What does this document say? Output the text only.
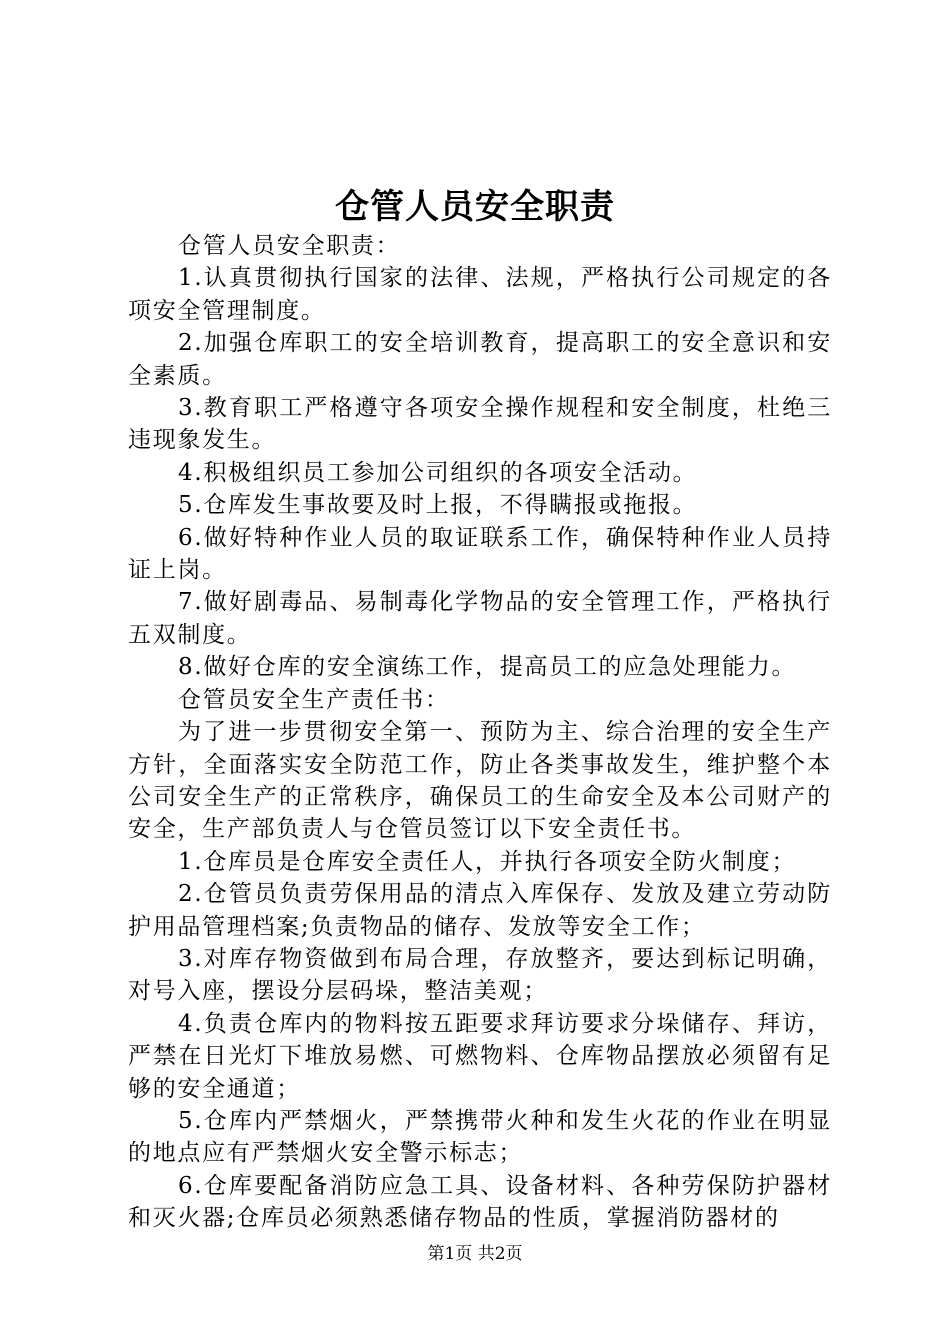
仓管人员安全职责

仓管人员安全职责：

1.认真贯彻执行国家的法律、法规，严格执行公司规定的各项安全管理制度。

2.加强仓库职工的安全培训教育，提高职工的安全意识和安全素质。

3.教育职工严格遵守各项安全操作规程和安全制度，杜绝三违现象发生。

4.积极组织员工参加公司组织的各项安全活动。

5.仓库发生事故要及时上报，不得瞒报或拖报。

6.做好特种作业人员的取证联系工作，确保特种作业人员持证上岗。

7.做好剧毒品、易制毒化学物品的安全管理工作，严格执行五双制度。

8.做好仓库的安全演练工作，提高员工的应急处理能力。

仓管员安全生产责任书：

为了进一步贯彻安全第一、预防为主、综合治理的安全生产方针，全面落实安全防范工作，防止各类事故发生，维护整个本公司安全生产的正常秩序，确保员工的生命安全及本公司财产的安全，生产部负责人与仓管员签订以下安全责任书。

1.仓库员是仓库安全责任人，并执行各项安全防火制度；

2.仓管员负责劳保用品的清点入库保存、发放及建立劳动防护用品管理档案;负责物品的储存、发放等安全工作；

3.对库存物资做到布局合理，存放整齐，要达到标记明确，对号入座，摆设分层码垛，整洁美观；

4.负责仓库内的物料按五距要求拜访要求分垛储存、拜访，严禁在日光灯下堆放易燃、可燃物料、仓库物品摆放必须留有足够的安全通道；

5.仓库内严禁烟火，严禁携带火种和发生火花的作业在明显的地点应有严禁烟火安全警示标志；

6.仓库要配备消防应急工具、设备材料、各种劳保防护器材和灭火器;仓库员必须熟悉储存物品的性质，掌握消防器材的

第1页 共2页
